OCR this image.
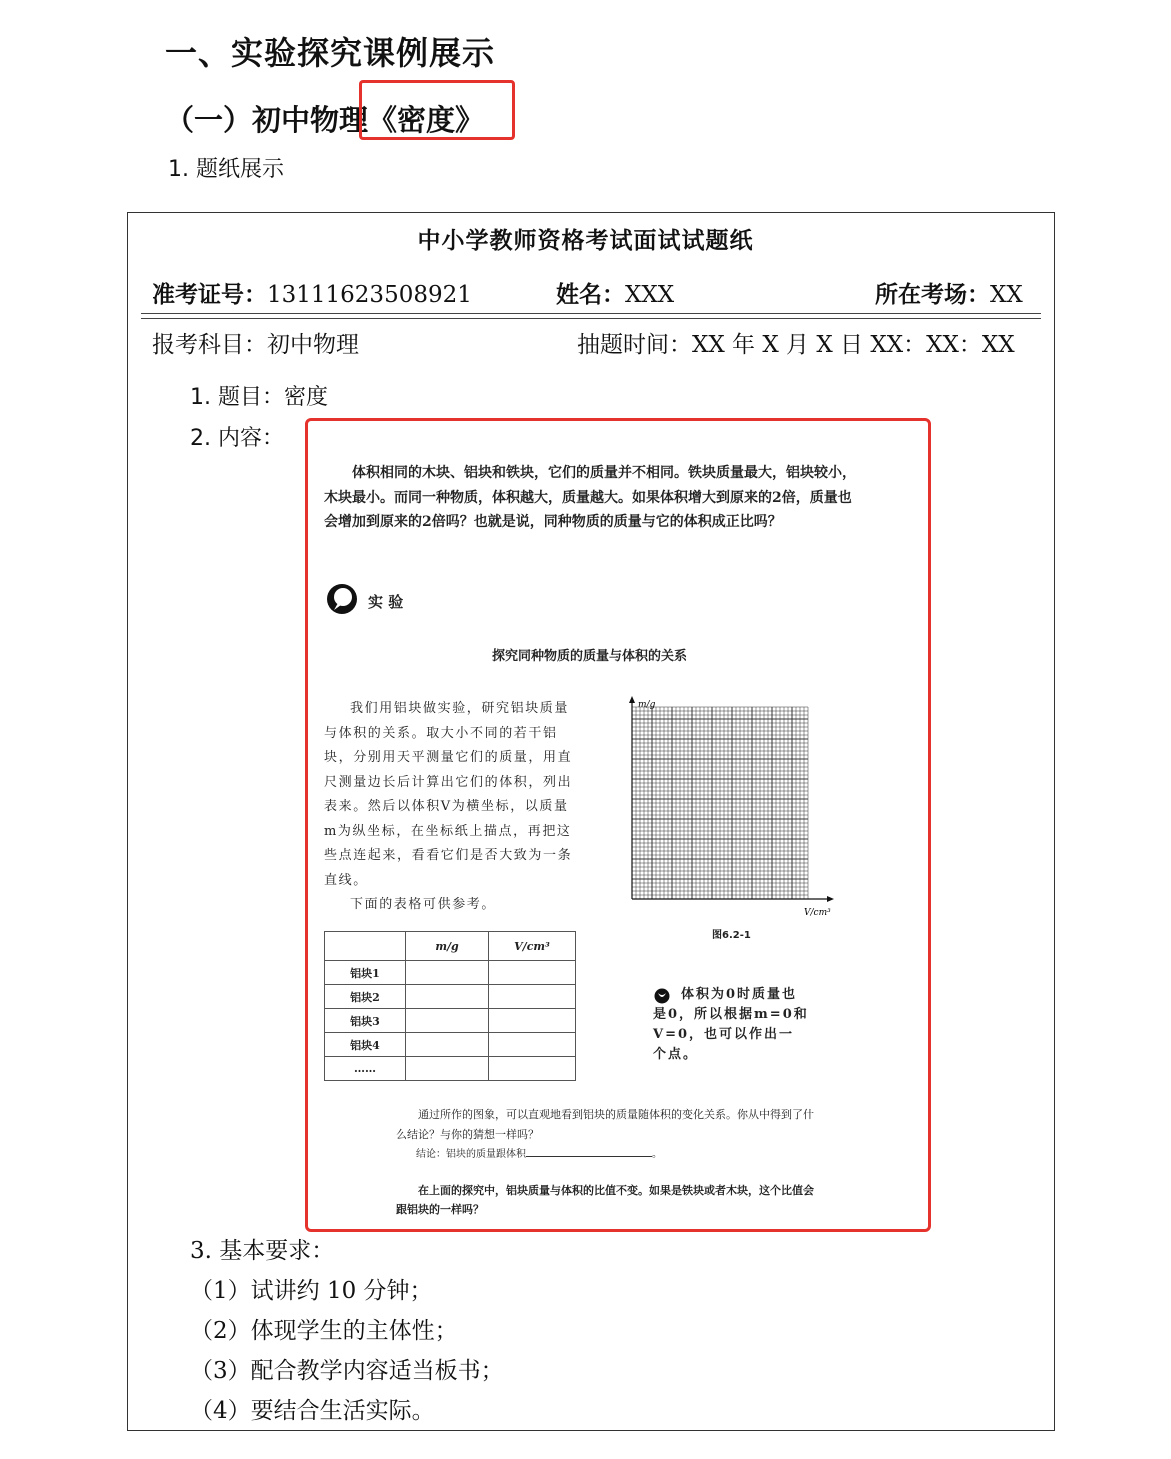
一、实验探究课例展示
（一）初中物理《密度》
1. 题纸展示
中小学教师资格考试面试试题纸
准考证号：13111623508921	姓名：XXX	所在考场：XX
报考科目：初中物理	抽题时间：XX 年 X 月 X 日 XX：XX：XX
1. 题目：密度
2. 内容：
体积相同的木块、铝块和铁块，它们的质量并不相同。铁块质量最大，铝块较小，木块最小。而同一种物质，体积越大，质量越大。如果体积增大到原来的2倍，质量也会增加到原来的2倍吗？也就是说，同种物质的质量与它的体积成正比吗？
实 验
探究同种物质的质量与体积的关系
我们用铝块做实验，研究铝块质量与体积的关系。取大小不同的若干铝块，分别用天平测量它们的质量，用直尺测量边长后计算出它们的体积，列出表来。然后以体积V为横坐标，以质量m为纵坐标，在坐标纸上描点，再把这些点连起来，看看它们是否大致为一条直线。
下面的表格可供参考。
m/g
V/cm³
图6.2-1
	m/g	V/cm³
铝块1		
铝块2		
铝块3		
铝块4		
……		
体积为0时质量也是0，所以根据m=0和V=0，也可以作出一个点。
通过所作的图象，可以直观地看到铝块的质量随体积的变化关系。你从中得到了什么结论？与你的猜想一样吗？
结论：铝块的质量跟体积	。
在上面的探究中，铝块质量与体积的比值不变。如果是铁块或者木块，这个比值会跟铝块的一样吗？
3. 基本要求：
（1）试讲约 10 分钟；
（2）体现学生的主体性；
（3）配合教学内容适当板书；
（4）要结合生活实际。
